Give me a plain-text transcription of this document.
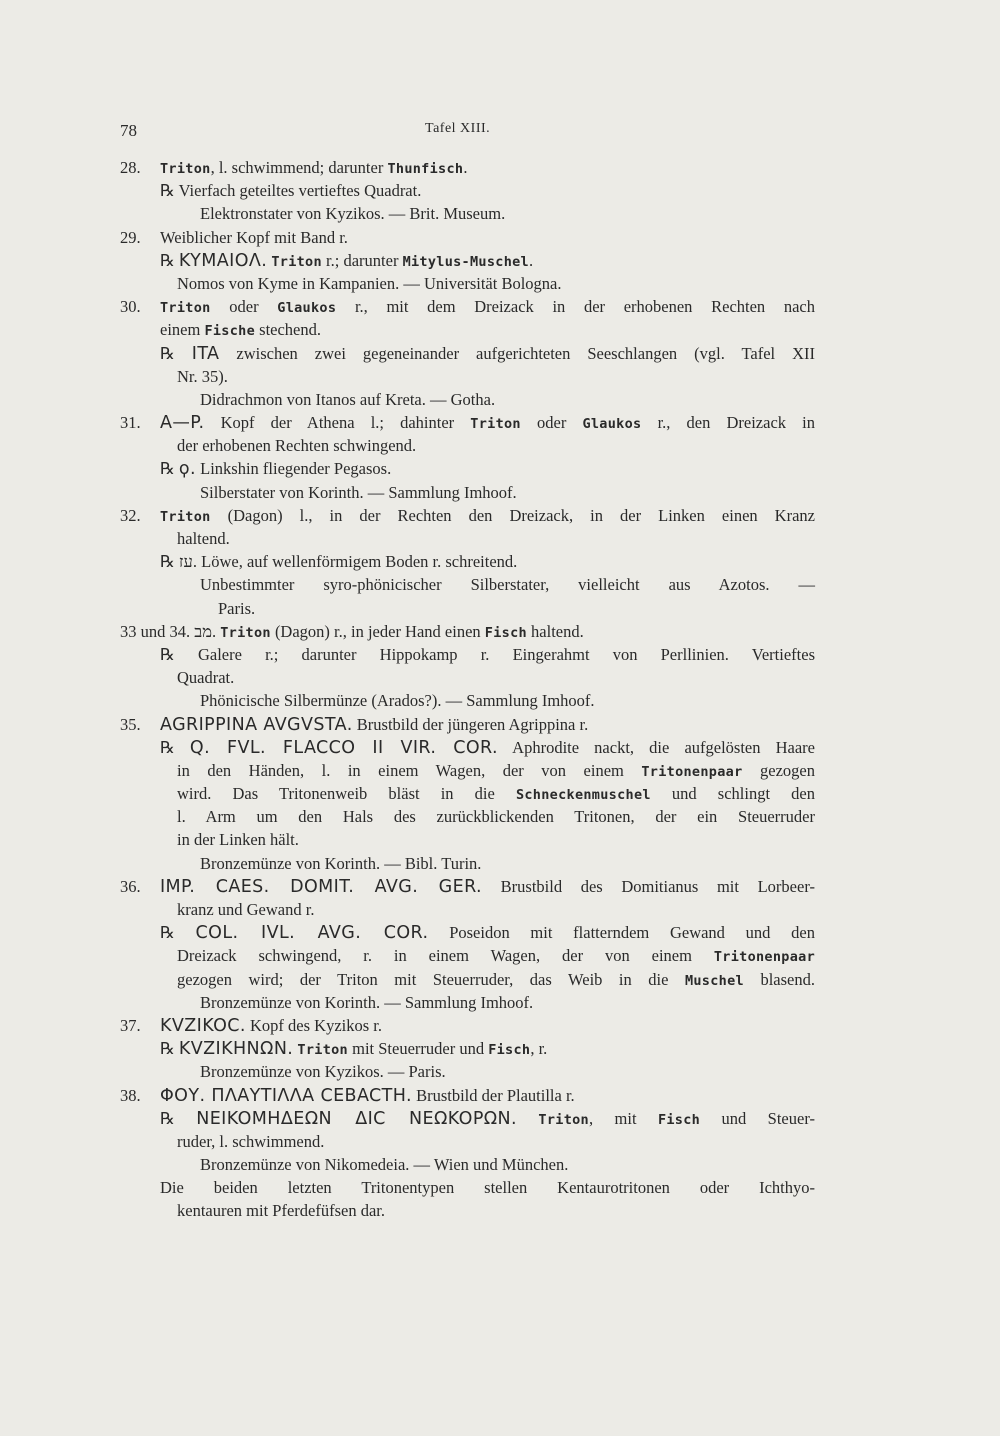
78	Tafel XIII.
28. Triton, l. schwimmend; darunter Thunfisch.
℞ Vierfach geteiltes vertieftes Quadrat.
Elektronstater von Kyzikos. — Brit. Museum.
29. Weiblicher Kopf mit Band r.
℞ KYMAIOΛ. Triton r.; darunter Mitylus-Muschel.
Nomos von Kyme in Kampanien. — Universität Bologna.
30. Triton oder Glaukos r., mit dem Dreizack in der erhobenen Rechten nach
einem Fische stechend.
℞ ITA zwischen zwei gegeneinander aufgerichteten Seeschlangen (vgl. Tafel XII
Nr. 35).
Didrachmon von Itanos auf Kreta. — Gotha.
31. A—P. Kopf der Athena l.; dahinter Triton oder Glaukos r., den Dreizack in
der erhobenen Rechten schwingend.
℞ ϙ. Linkshin fliegender Pegasos.
Silberstater von Korinth. — Sammlung Imhoof.
32. Triton (Dagon) l., in der Rechten den Dreizack, in der Linken einen Kranz
haltend.
℞ עז. Löwe, auf wellenförmigem Boden r. schreitend.
Unbestimmter syro-phönicischer Silberstater, vielleicht aus Azotos. —
Paris.
33 und 34. מב. Triton (Dagon) r., in jeder Hand einen Fisch haltend.
℞ Galere r.; darunter Hippokamp r. Eingerahmt von Perllinien. Vertieftes
Quadrat.
Phönicische Silbermünze (Arados?). — Sammlung Imhoof.
35. AGRIPPINA AVGVSTA. Brustbild der jüngeren Agrippina r.
℞ Q. FVL. FLACCO II VIR. COR. Aphrodite nackt, die aufgelösten Haare
in den Händen, l. in einem Wagen, der von einem Tritonenpaar gezogen
wird. Das Tritonenweib bläst in die Schneckenmuschel und schlingt den
l. Arm um den Hals des zurückblickenden Tritonen, der ein Steuerruder
in der Linken hält.
Bronzemünze von Korinth. — Bibl. Turin.
36. IMP. CAES. DOMIT. AVG. GER. Brustbild des Domitianus mit Lorbeer-
kranz und Gewand r.
℞ COL. IVL. AVG. COR. Poseidon mit flatterndem Gewand und den
Dreizack schwingend, r. in einem Wagen, der von einem Tritonenpaar
gezogen wird; der Triton mit Steuerruder, das Weib in die Muschel blasend.
Bronzemünze von Korinth. — Sammlung Imhoof.
37. KVZIKOC. Kopf des Kyzikos r.
℞ KVZIKHNΩN. Triton mit Steuerruder und Fisch, r.
Bronzemünze von Kyzikos. — Paris.
38. ΦΟΥ. ΠΛΑΥΤΙΛΛΑ CEBACTH. Brustbild der Plautilla r.
℞ NEIKOMHΔEΩN ΔIC NEΩKOPΩN. Triton, mit Fisch und Steuer-
ruder, l. schwimmend.
Bronzemünze von Nikomedeia. — Wien und München.
Die beiden letzten Tritonentypen stellen Kentaurotritonen oder Ichthyo-
kentauren mit Pferdefüfsen dar.
